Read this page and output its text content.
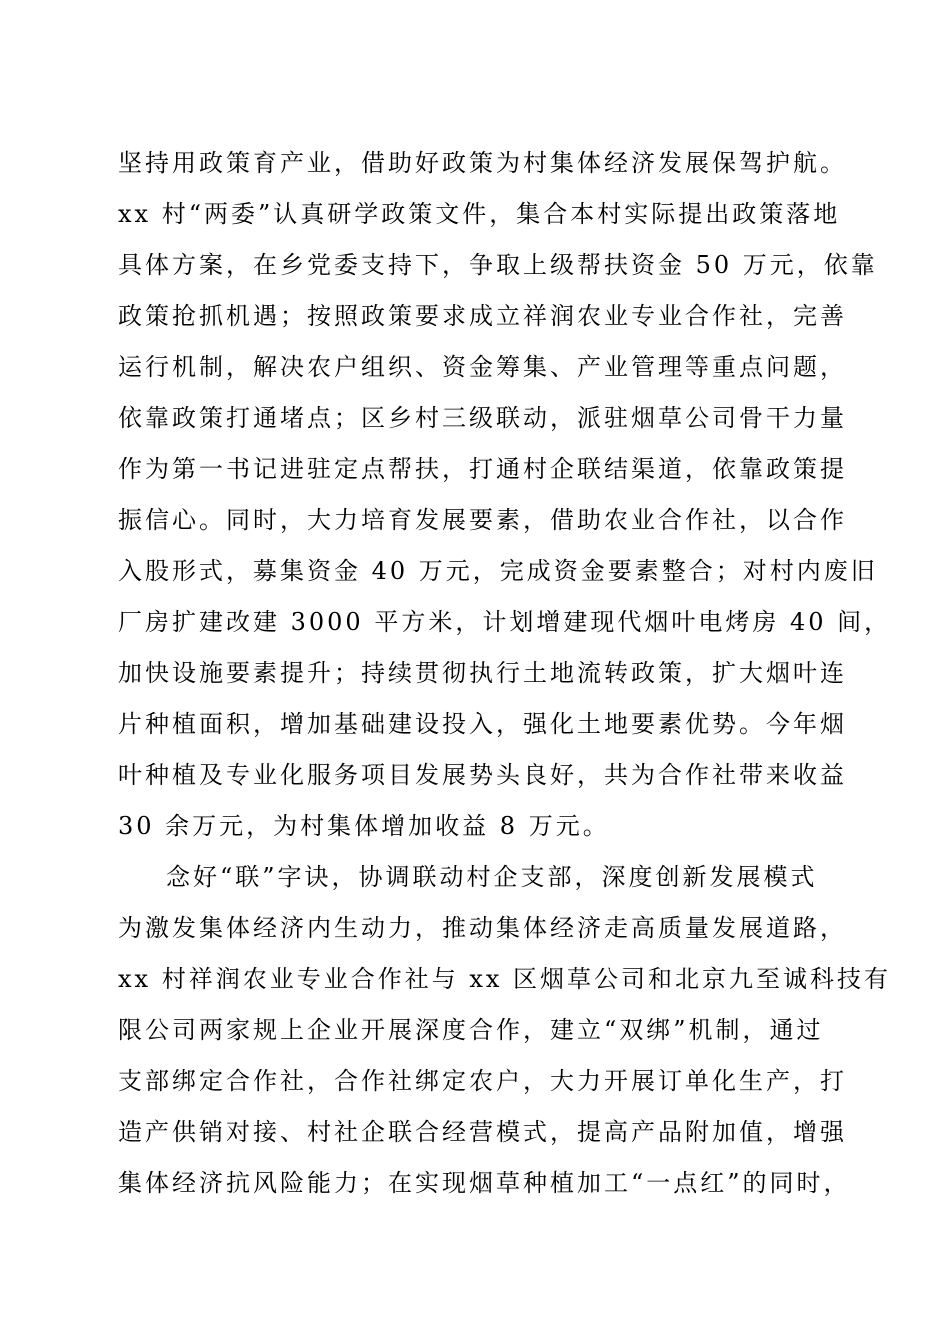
坚持用政策育产业，借助好政策为村集体经济发展保驾护航。
xx 村“两委”认真研学政策文件，集合本村实际提出政策落地
具体方案，在乡党委支持下，争取上级帮扶资金 50 万元，依靠
政策抢抓机遇；按照政策要求成立祥润农业专业合作社，完善
运行机制，解决农户组织、资金筹集、产业管理等重点问题，
依靠政策打通堵点；区乡村三级联动，派驻烟草公司骨干力量
作为第一书记进驻定点帮扶，打通村企联结渠道，依靠政策提
振信心。同时，大力培育发展要素，借助农业合作社，以合作
入股形式，募集资金 40 万元，完成资金要素整合；对村内废旧
厂房扩建改建 3000 平方米，计划增建现代烟叶电烤房 40 间，
加快设施要素提升；持续贯彻执行土地流转政策，扩大烟叶连
片种植面积，增加基础建设投入，强化土地要素优势。今年烟
叶种植及专业化服务项目发展势头良好，共为合作社带来收益
30 余万元，为村集体增加收益 8 万元。
念好“联”字诀，协调联动村企支部，深度创新发展模式
为激发集体经济内生动力，推动集体经济走高质量发展道路，
xx 村祥润农业专业合作社与 xx 区烟草公司和北京九至诚科技有
限公司两家规上企业开展深度合作，建立“双绑”机制，通过
支部绑定合作社，合作社绑定农户，大力开展订单化生产，打
造产供销对接、村社企联合经营模式，提高产品附加值，增强
集体经济抗风险能力；在实现烟草种植加工“一点红”的同时，
